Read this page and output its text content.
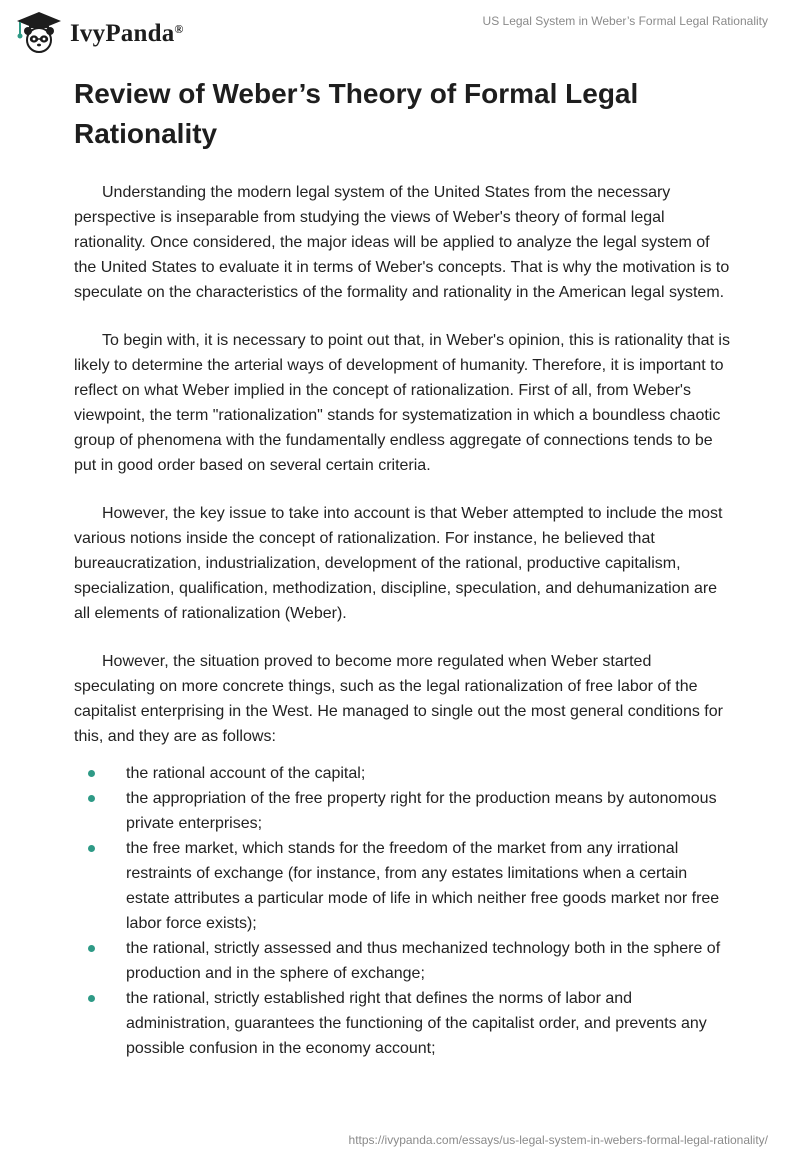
IvyPanda®
US Legal System in Weber’s Formal Legal Rationality
Review of Weber’s Theory of Formal Legal Rationality

Understanding the modern legal system of the United States from the necessary perspective is inseparable from studying the views of Weber's theory of formal legal rationality. Once considered, the major ideas will be applied to analyze the legal system of the United States to evaluate it in terms of Weber's concepts. That is why the motivation is to speculate on the characteristics of the formality and rationality in the American legal system.

To begin with, it is necessary to point out that, in Weber's opinion, this is rationality that is likely to determine the arterial ways of development of humanity. Therefore, it is important to reflect on what Weber implied in the concept of rationalization. First of all, from Weber's viewpoint, the term "rationalization" stands for systematization in which a boundless chaotic group of phenomena with the fundamentally endless aggregate of connections tends to be put in good order based on several certain criteria.

However, the key issue to take into account is that Weber attempted to include the most various notions inside the concept of rationalization. For instance, he believed that bureaucratization, industrialization, development of the rational, productive capitalism, specialization, qualification, methodization, discipline, speculation, and dehumanization are all elements of rationalization (Weber).

However, the situation proved to become more regulated when Weber started speculating on more concrete things, such as the legal rationalization of free labor of the capitalist enterprising in the West. He managed to single out the most general conditions for this, and they are as follows:

the rational account of the capital;
the appropriation of the free property right for the production means by autonomous private enterprises;
the free market, which stands for the freedom of the market from any irrational restraints of exchange (for instance, from any estates limitations when a certain estate attributes a particular mode of life in which neither free goods market nor free labor force exists);
the rational, strictly assessed and thus mechanized technology both in the sphere of production and in the sphere of exchange;
the rational, strictly established right that defines the norms of labor and administration, guarantees the functioning of the capitalist order, and prevents any possible confusion in the economy account;
https://ivypanda.com/essays/us-legal-system-in-webers-formal-legal-rationality/
